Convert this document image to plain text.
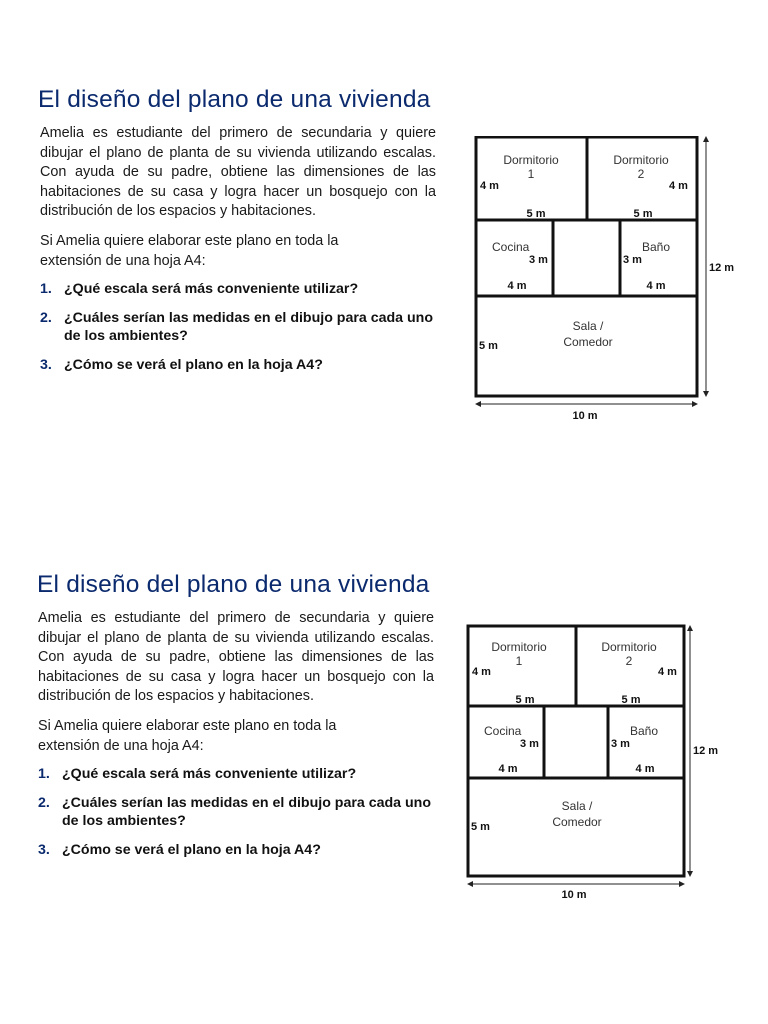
El diseño del plano de una vivienda

Amelia es estudiante del primero de secundaria y quiere dibujar el plano de planta de su vivienda utilizando escalas. Con ayuda de su padre, obtiene las dimensiones de las habitaciones de su casa y logra hacer un bosquejo con la distribución de los espacios y habitaciones.

Si Amelia quiere elaborar este plano en toda la extensión de una hoja A4:

1. ¿Qué escala será más conveniente utilizar?
2. ¿Cuáles serían las medidas en el dibujo para cada uno de los ambientes?
3. ¿Cómo se verá el plano en la hoja A4?
Dormitorio
1
4 m
5 m
Dormitorio
2
4 m
5 m
Cocina
3 m
4 m
Baño
3 m
4 m
Sala /
Comedor
5 m
12 m
10 m
El diseño del plano de una vivienda

Amelia es estudiante del primero de secundaria y quiere dibujar el plano de planta de su vivienda utilizando escalas. Con ayuda de su padre, obtiene las dimensiones de las habitaciones de su casa y logra hacer un bosquejo con la distribución de los espacios y habitaciones.

Si Amelia quiere elaborar este plano en toda la extensión de una hoja A4:

1. ¿Qué escala será más conveniente utilizar?
2. ¿Cuáles serían las medidas en el dibujo para cada uno de los ambientes?
3. ¿Cómo se verá el plano en la hoja A4?
Dormitorio
1
4 m
5 m
Dormitorio
2
4 m
5 m
Cocina
3 m
4 m
Baño
3 m
4 m
Sala /
Comedor
5 m
12 m
10 m
